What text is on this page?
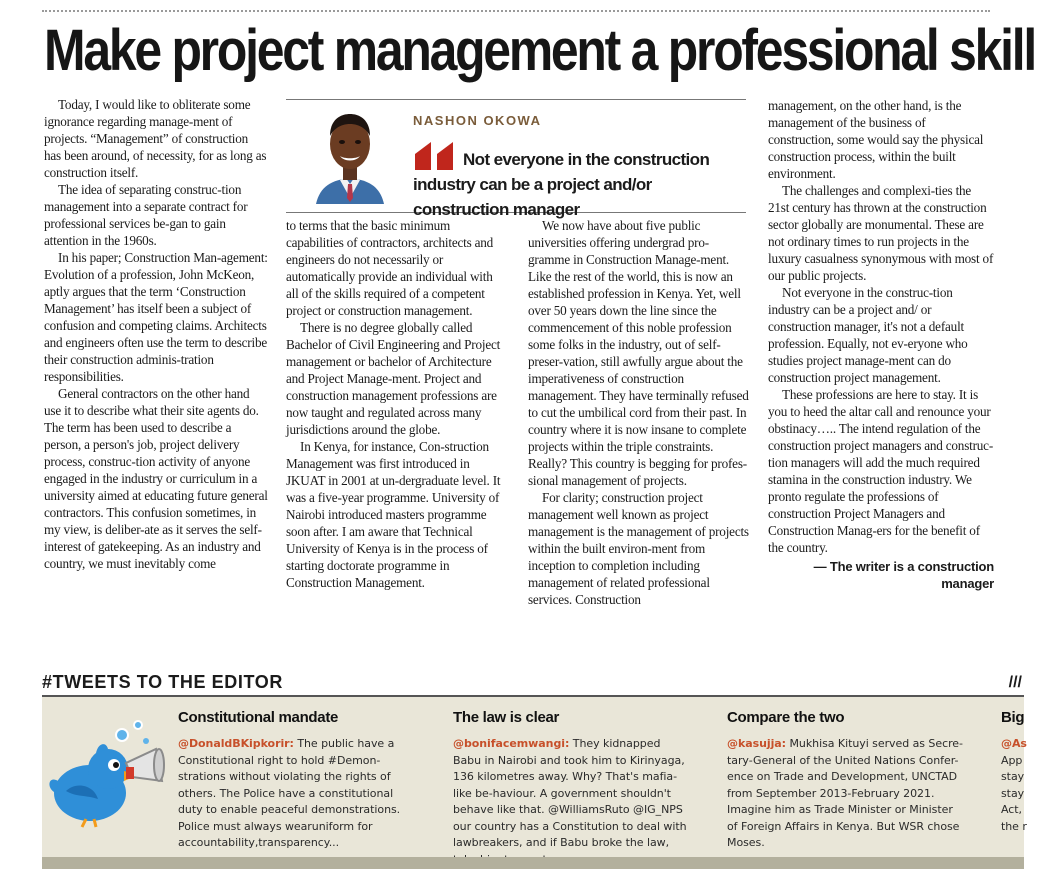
Make project management a professional skill

Today, I would like to obliterate some ignorance regarding manage-ment of projects. “Management” of construction has been around, of necessity, for as long as construction itself.

The idea of separating construc-tion management into a separate contract for professional services be-gan to gain attention in the 1960s.

In his paper; Construction Man-agement: Evolution of a profession, John McKeon, aptly argues that the term ‘Construction Management’ has itself been a subject of confusion and competing claims. Architects and engineers often use the term to describe their construction adminis-tration responsibilities.

General contractors on the other hand use it to describe what their site agents do. The term has been used to describe a person, a person's job, project delivery process, construc-tion activity of anyone engaged in the industry or curriculum in a university aimed at educating future general contractors. This confusion sometimes, in my view, is deliber-ate as it serves the self-interest of gatekeeping. As an industry and country, we must inevitably come

NASHON OKOWA
Not everyone in the construction industry can be a project and/or construction manager

to terms that the basic minimum capabilities of contractors, architects and engineers do not necessarily or automatically provide an individual with all of the skills required of a competent project or construction management.

There is no degree globally called Bachelor of Civil Engineering and Project management or bachelor of Architecture and Project Manage-ment. Project and construction management professions are now taught and regulated across many jurisdictions around the globe.

In Kenya, for instance, Con-struction Management was first introduced in JKUAT in 2001 at un-dergraduate level. It was a five-year programme. University of Nairobi introduced masters programme soon after. I am aware that Technical University of Kenya is in the process of starting doctorate programme in Construction Management.

We now have about five public universities offering undergrad pro-gramme in Construction Manage-ment. Like the rest of the world, this is now an established profession in Kenya. Yet, well over 50 years down the line since the commencement of this noble profession some folks in the industry, out of self-preser-vation, still awfully argue about the imperativeness of construction management. They have terminally refused to cut the umbilical cord from their past. In country where it is now insane to complete projects within the triple constraints. Really? This country is begging for profes-sional management of projects.

For clarity; construction project management well known as project management is the management of projects within the built environ-ment from inception to completion including management of related professional services. Construction

management, on the other hand, is the management of the business of construction, some would say the physical construction process, within the built environment.

The challenges and complexi-ties the 21st century has thrown at the construction sector globally are monumental. These are not ordinary times to run projects in the luxury casualness synonymous with most of our public projects.

Not everyone in the construc-tion industry can be a project and/ or construction manager, it's not a default profession. Equally, not ev-eryone who studies project manage-ment can do construction project management.

These professions are here to stay. It is you to heed the altar call and renounce your obstinacy….. The intend regulation of the construction project managers and construc-tion managers will add the much required stamina in the construction industry. We pronto regulate the professions of construction Project Managers and Construction Manag-ers for the benefit of the country.

— The writer is a construction
manager
#TWEETS TO THE EDITOR	///
Constitutional mandate

@DonaldBKipkorir: The public have a Constitutional right to hold #Demon-strations without violating the rights of others. The Police have a constitutional duty to enable peaceful demonstrations. Police must always wearuniform for accountability,transparency...

The law is clear

@bonifacemwangi: They kidnapped Babu in Nairobi and took him to Kirinyaga, 136 kilometres away. Why? That's mafia-like be-haviour. A government shouldn't behave like that. @WilliamsRuto @IG_NPS our country has a Constitution to deal with lawbreakers, and if Babu broke the law,

Compare the two

@kasujja: Mukhisa Kituyi served as Secre-tary-General of the United Nations Confer-ence on Trade and Development, UNCTAD from September 2013-February 2021. Imagine him as Trade Minister or Minister of Foreign Affairs in Kenya. But WSR chose Moses.

Big
@As
App
stay
stay
Act,
the r
